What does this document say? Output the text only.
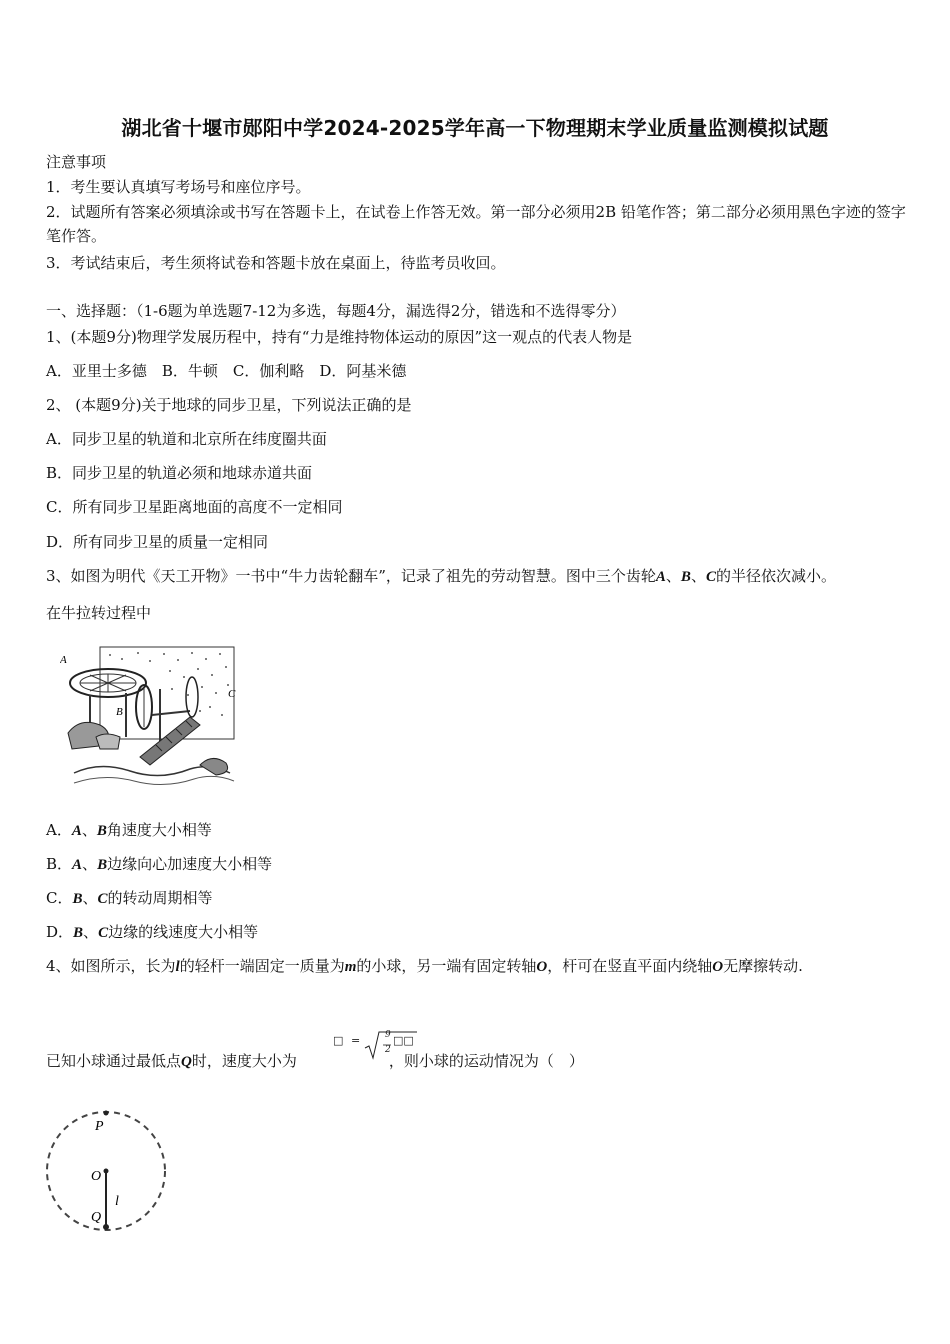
湖北省十堰市郧阳中学2024-2025学年高一下物理期末学业质量监测模拟试题
注意事项
1．考生要认真填写考场号和座位序号。
2．试题所有答案必须填涂或书写在答题卡上，在试卷上作答无效。第一部分必须用2B 铅笔作答；第二部分必须用黑色字迹的签字笔作答。
3．考试结束后，考生须将试卷和答题卡放在桌面上，待监考员收回。
一、选择题：（1-6题为单选题7-12为多选，每题4分，漏选得2分，错选和不选得零分）
1、(本题9分)物理学发展历程中，持有“力是维持物体运动的原因”这一观点的代表人物是
A．亚里士多德　B．牛顿　C．伽利略　D．阿基米德
2、 (本题9分)关于地球的同步卫星，下列说法正确的是
A．同步卫星的轨道和北京所在纬度圈共面
B．同步卫星的轨道必须和地球赤道共面
C．所有同步卫星距离地面的高度不一定相同
D．所有同步卫星的质量一定相同
3、如图为明代《天工开物》一书中“牛力齿轮翻车”，记录了祖先的劳动智慧。图中三个齿轮A、B、C的半径依次减小。
在牛拉转过程中
A
B
C
A．A、B角速度大小相等
B．A、B边缘向心加速度大小相等
C．B、C的转动周期相等
D．B、C边缘的线速度大小相等
4、如图所示，长为l的轻杆一端固定一质量为m的小球，另一端有固定转轴O，杆可在竖直平面内绕轴O无摩擦转动.
已知小球通过最低点Q时，速度大小为	，则小球的运动情况为（　）
□ =	9
2
□□
P
O
l
Q
